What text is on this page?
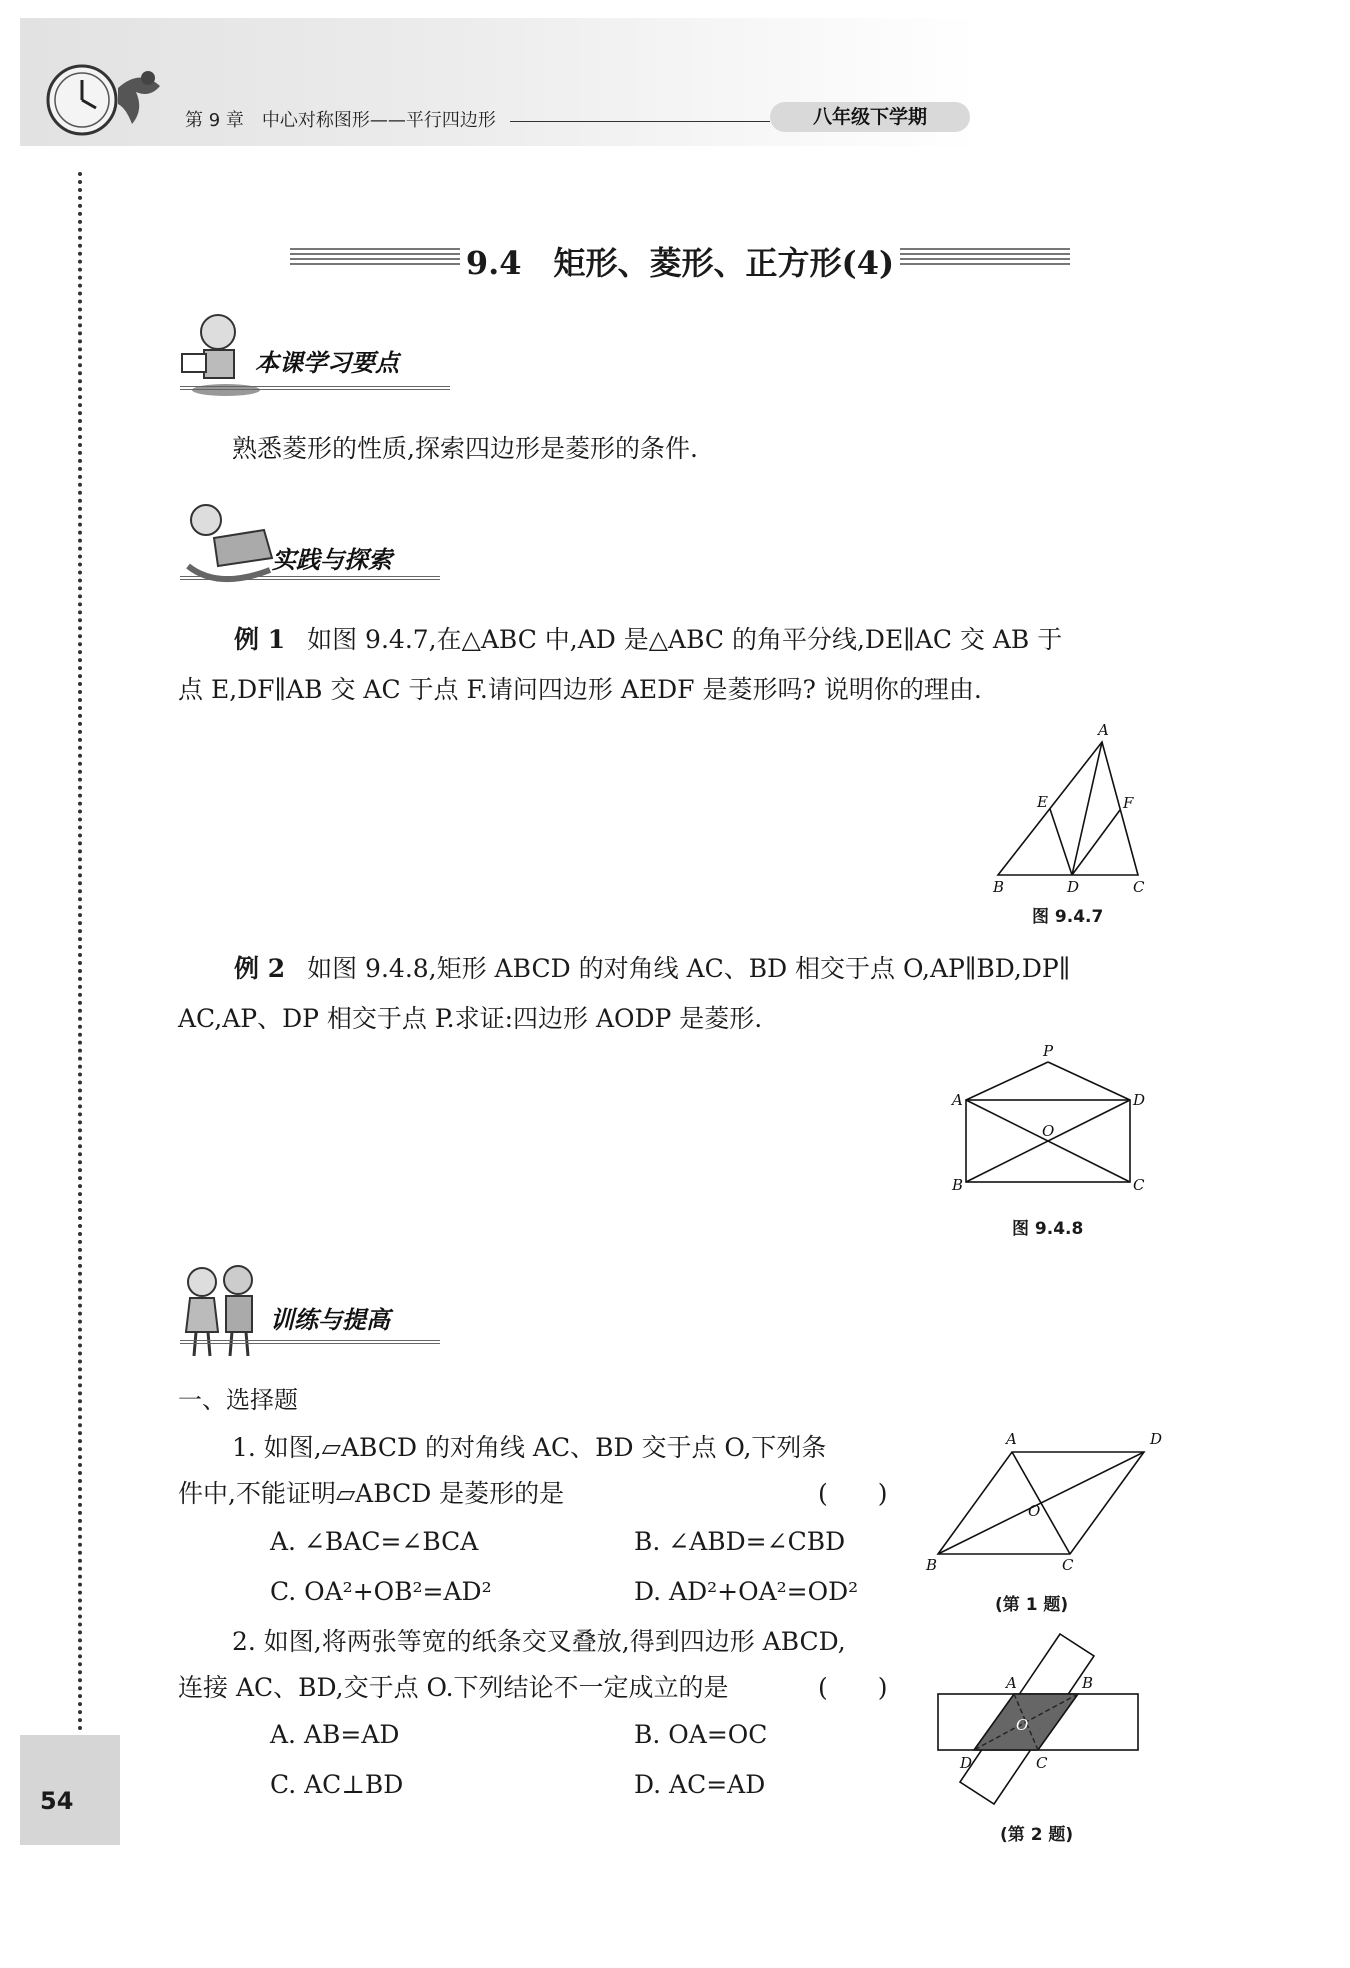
第 9 章　中心对称图形——平行四边形	八年级下学期
9.4　矩形、菱形、正方形(4)
本课学习要点
熟悉菱形的性质,探索四边形是菱形的条件.
实践与探索
例 1 如图 9.4.7,在△ABC 中,AD 是△ABC 的角平分线,DE∥AC 交 AB 于
点 E,DF∥AB 交 AC 于点 F.请问四边形 AEDF 是菱形吗? 说明你的理由.
A
E	F
B	D	C
图 9.4.7
例 2 如图 9.4.8,矩形 ABCD 的对角线 AC、BD 相交于点 O,AP∥BD,DP∥
AC,AP、DP 相交于点 P.求证:四边形 AODP 是菱形.
P
A	D
O
B	C
图 9.4.8
训练与提高
一、选择题
1. 如图,▱ABCD 的对角线 AC、BD 交于点 O,下列条
件中,不能证明▱ABCD 是菱形的是	(　　)
A. ∠BAC=∠BCA	B. ∠ABD=∠CBD
C. OA²+OB²=AD²	D. AD²+OA²=OD²
A	D
O
B	C
(第 1 题)
2. 如图,将两张等宽的纸条交叉叠放,得到四边形 ABCD,
连接 AC、BD,交于点 O.下列结论不一定成立的是	(　　)
A. AB=AD	B. OA=OC
C. AC⊥BD	D. AC=AD
A	B
O
D	C
(第 2 题)
54
